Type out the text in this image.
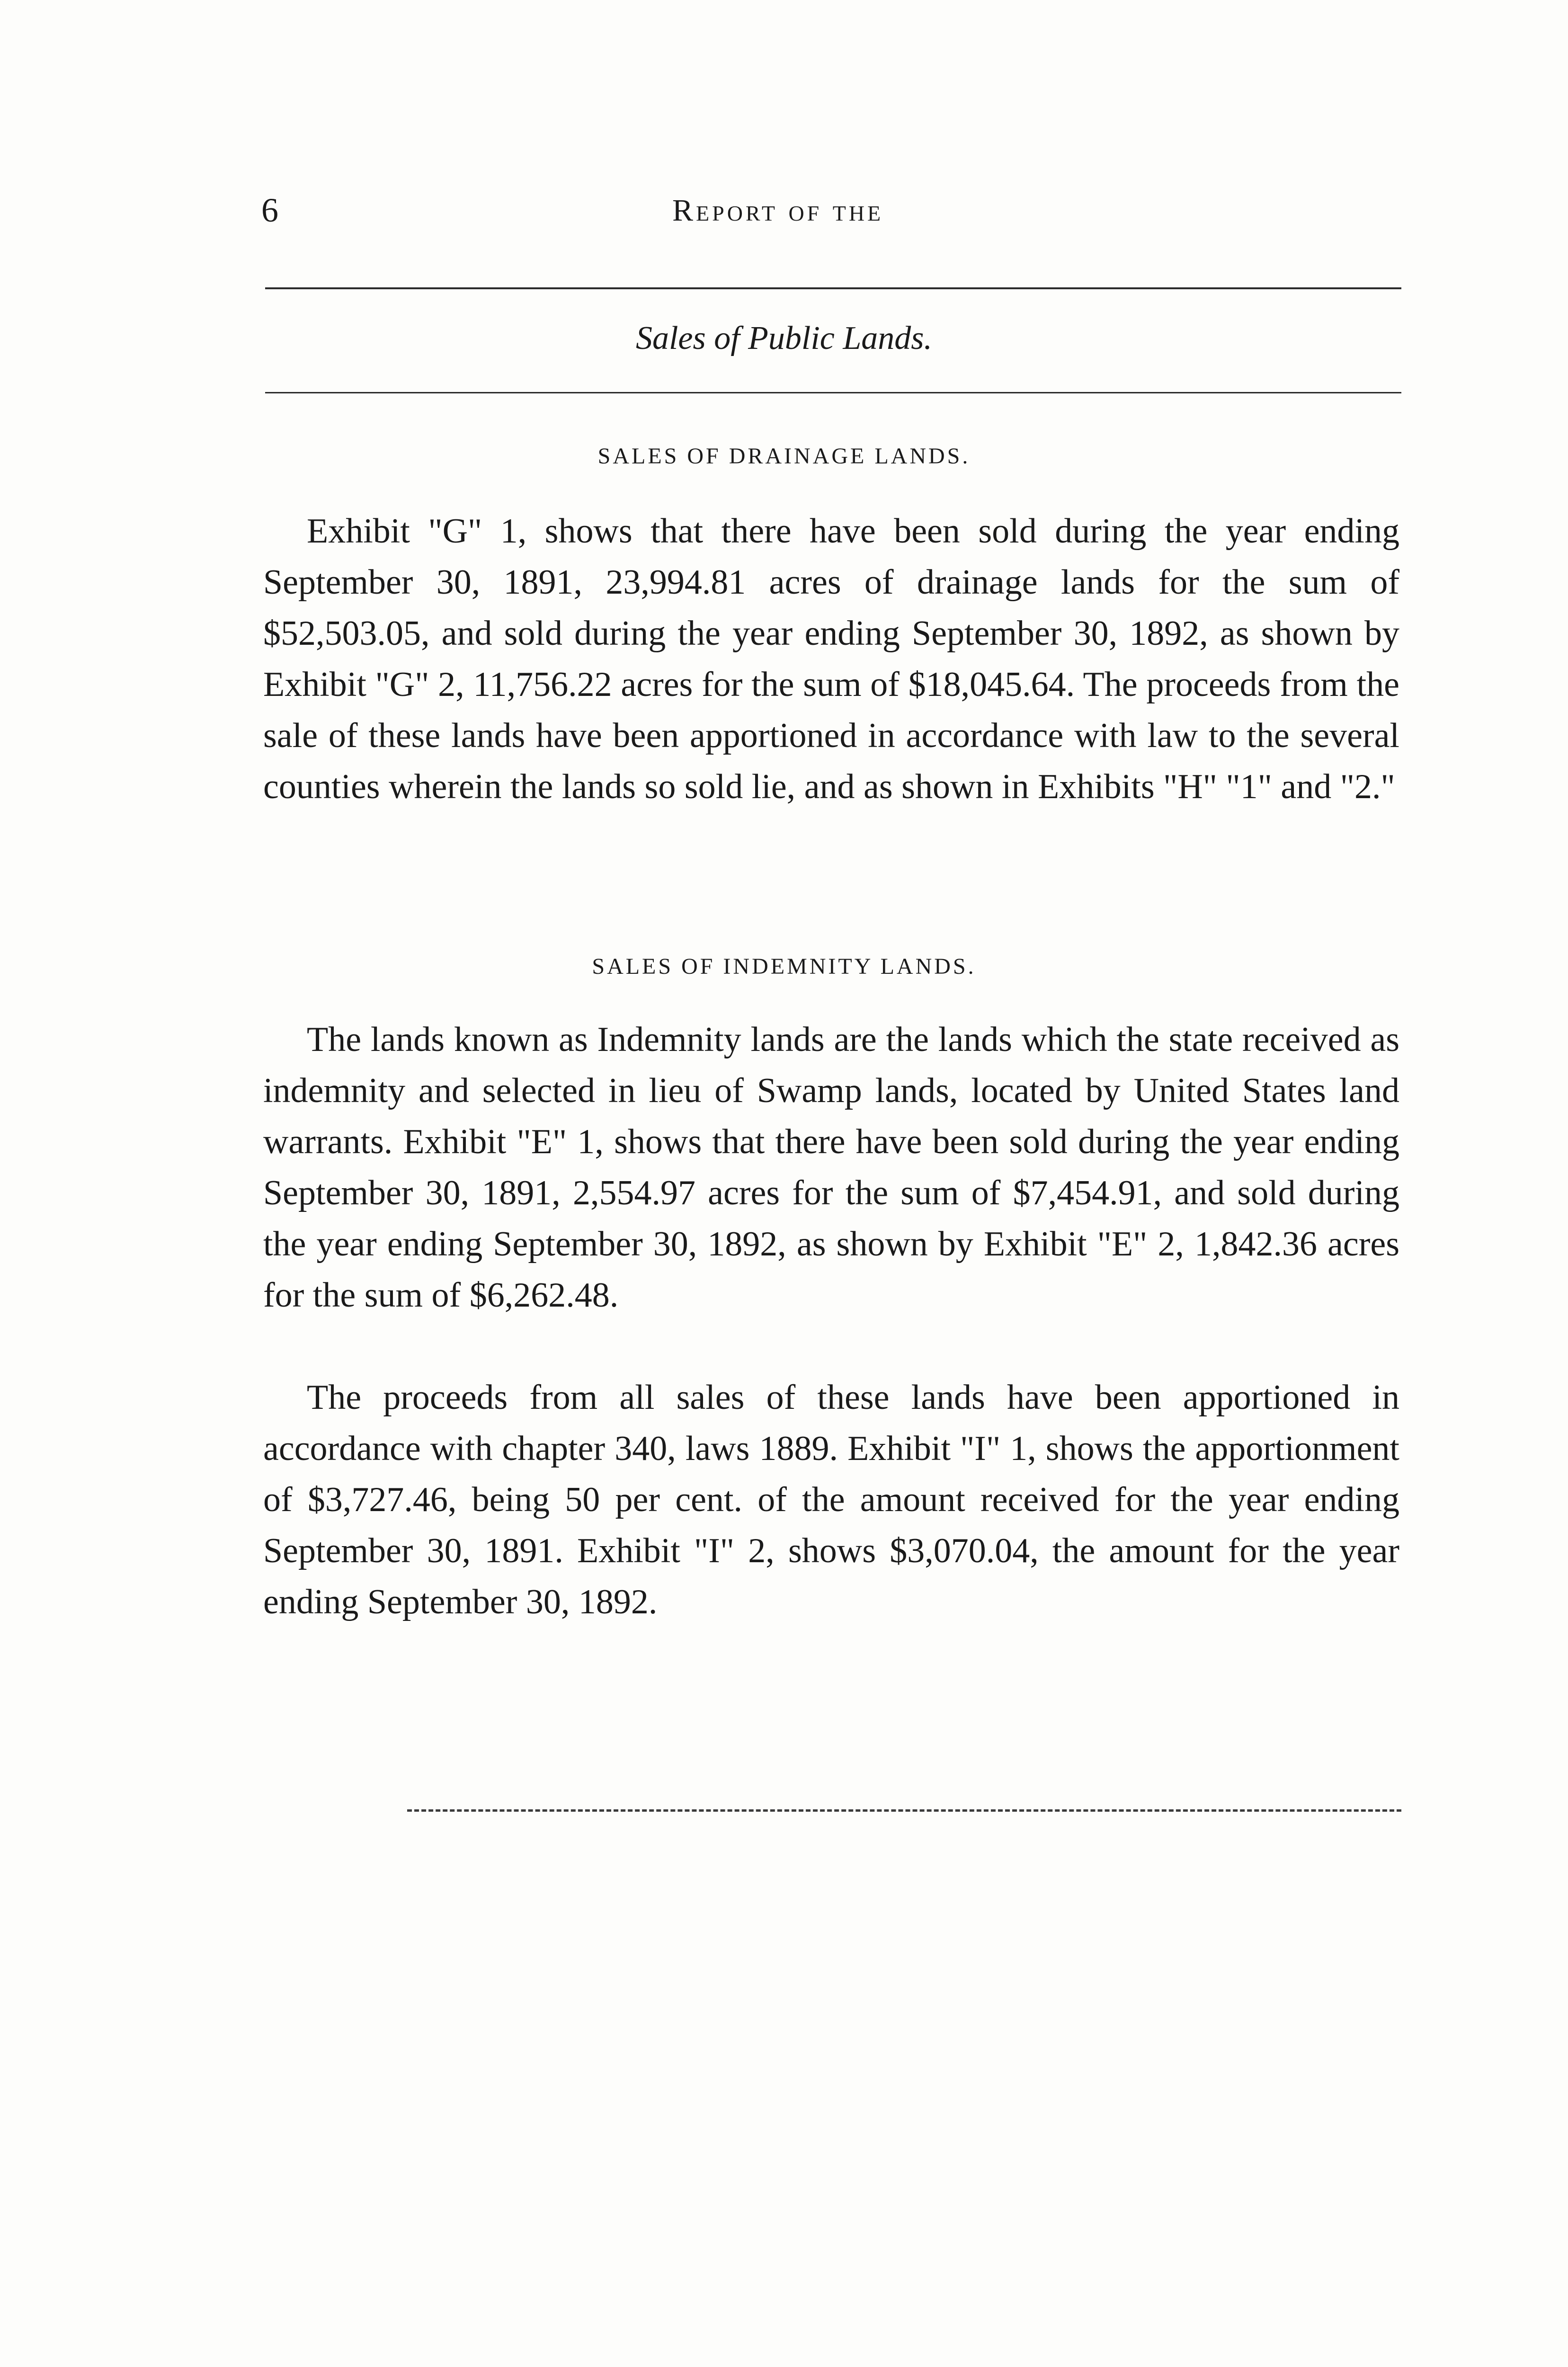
6	Report of the
Sales of Public Lands.
SALES OF DRAINAGE LANDS.

Exhibit "G" 1, shows that there have been sold during the year ending September 30, 1891, 23,994.81 acres of drainage lands for the sum of $52,503.05, and sold during the year ending September 30, 1892, as shown by Exhibit "G" 2, 11,756.22 acres for the sum of $18,045.64. The proceeds from the sale of these lands have been apportioned in accordance with law to the several counties wherein the lands so sold lie, and as shown in Exhibits "H" "1" and "2."

SALES OF INDEMNITY LANDS.

The lands known as Indemnity lands are the lands which the state received as indemnity and selected in lieu of Swamp lands, located by United States land warrants. Exhibit "E" 1, shows that there have been sold during the year ending September 30, 1891, 2,554.97 acres for the sum of $7,454.91, and sold during the year ending September 30, 1892, as shown by Exhibit "E" 2, 1,842.36 acres for the sum of $6,262.48.

The proceeds from all sales of these lands have been apportioned in accordance with chapter 340, laws 1889. Exhibit "I" 1, shows the apportionment of $3,727.46, being 50 per cent. of the amount received for the year ending September 30, 1891. Exhibit "I" 2, shows $3,070.04, the amount for the year ending September 30, 1892.
